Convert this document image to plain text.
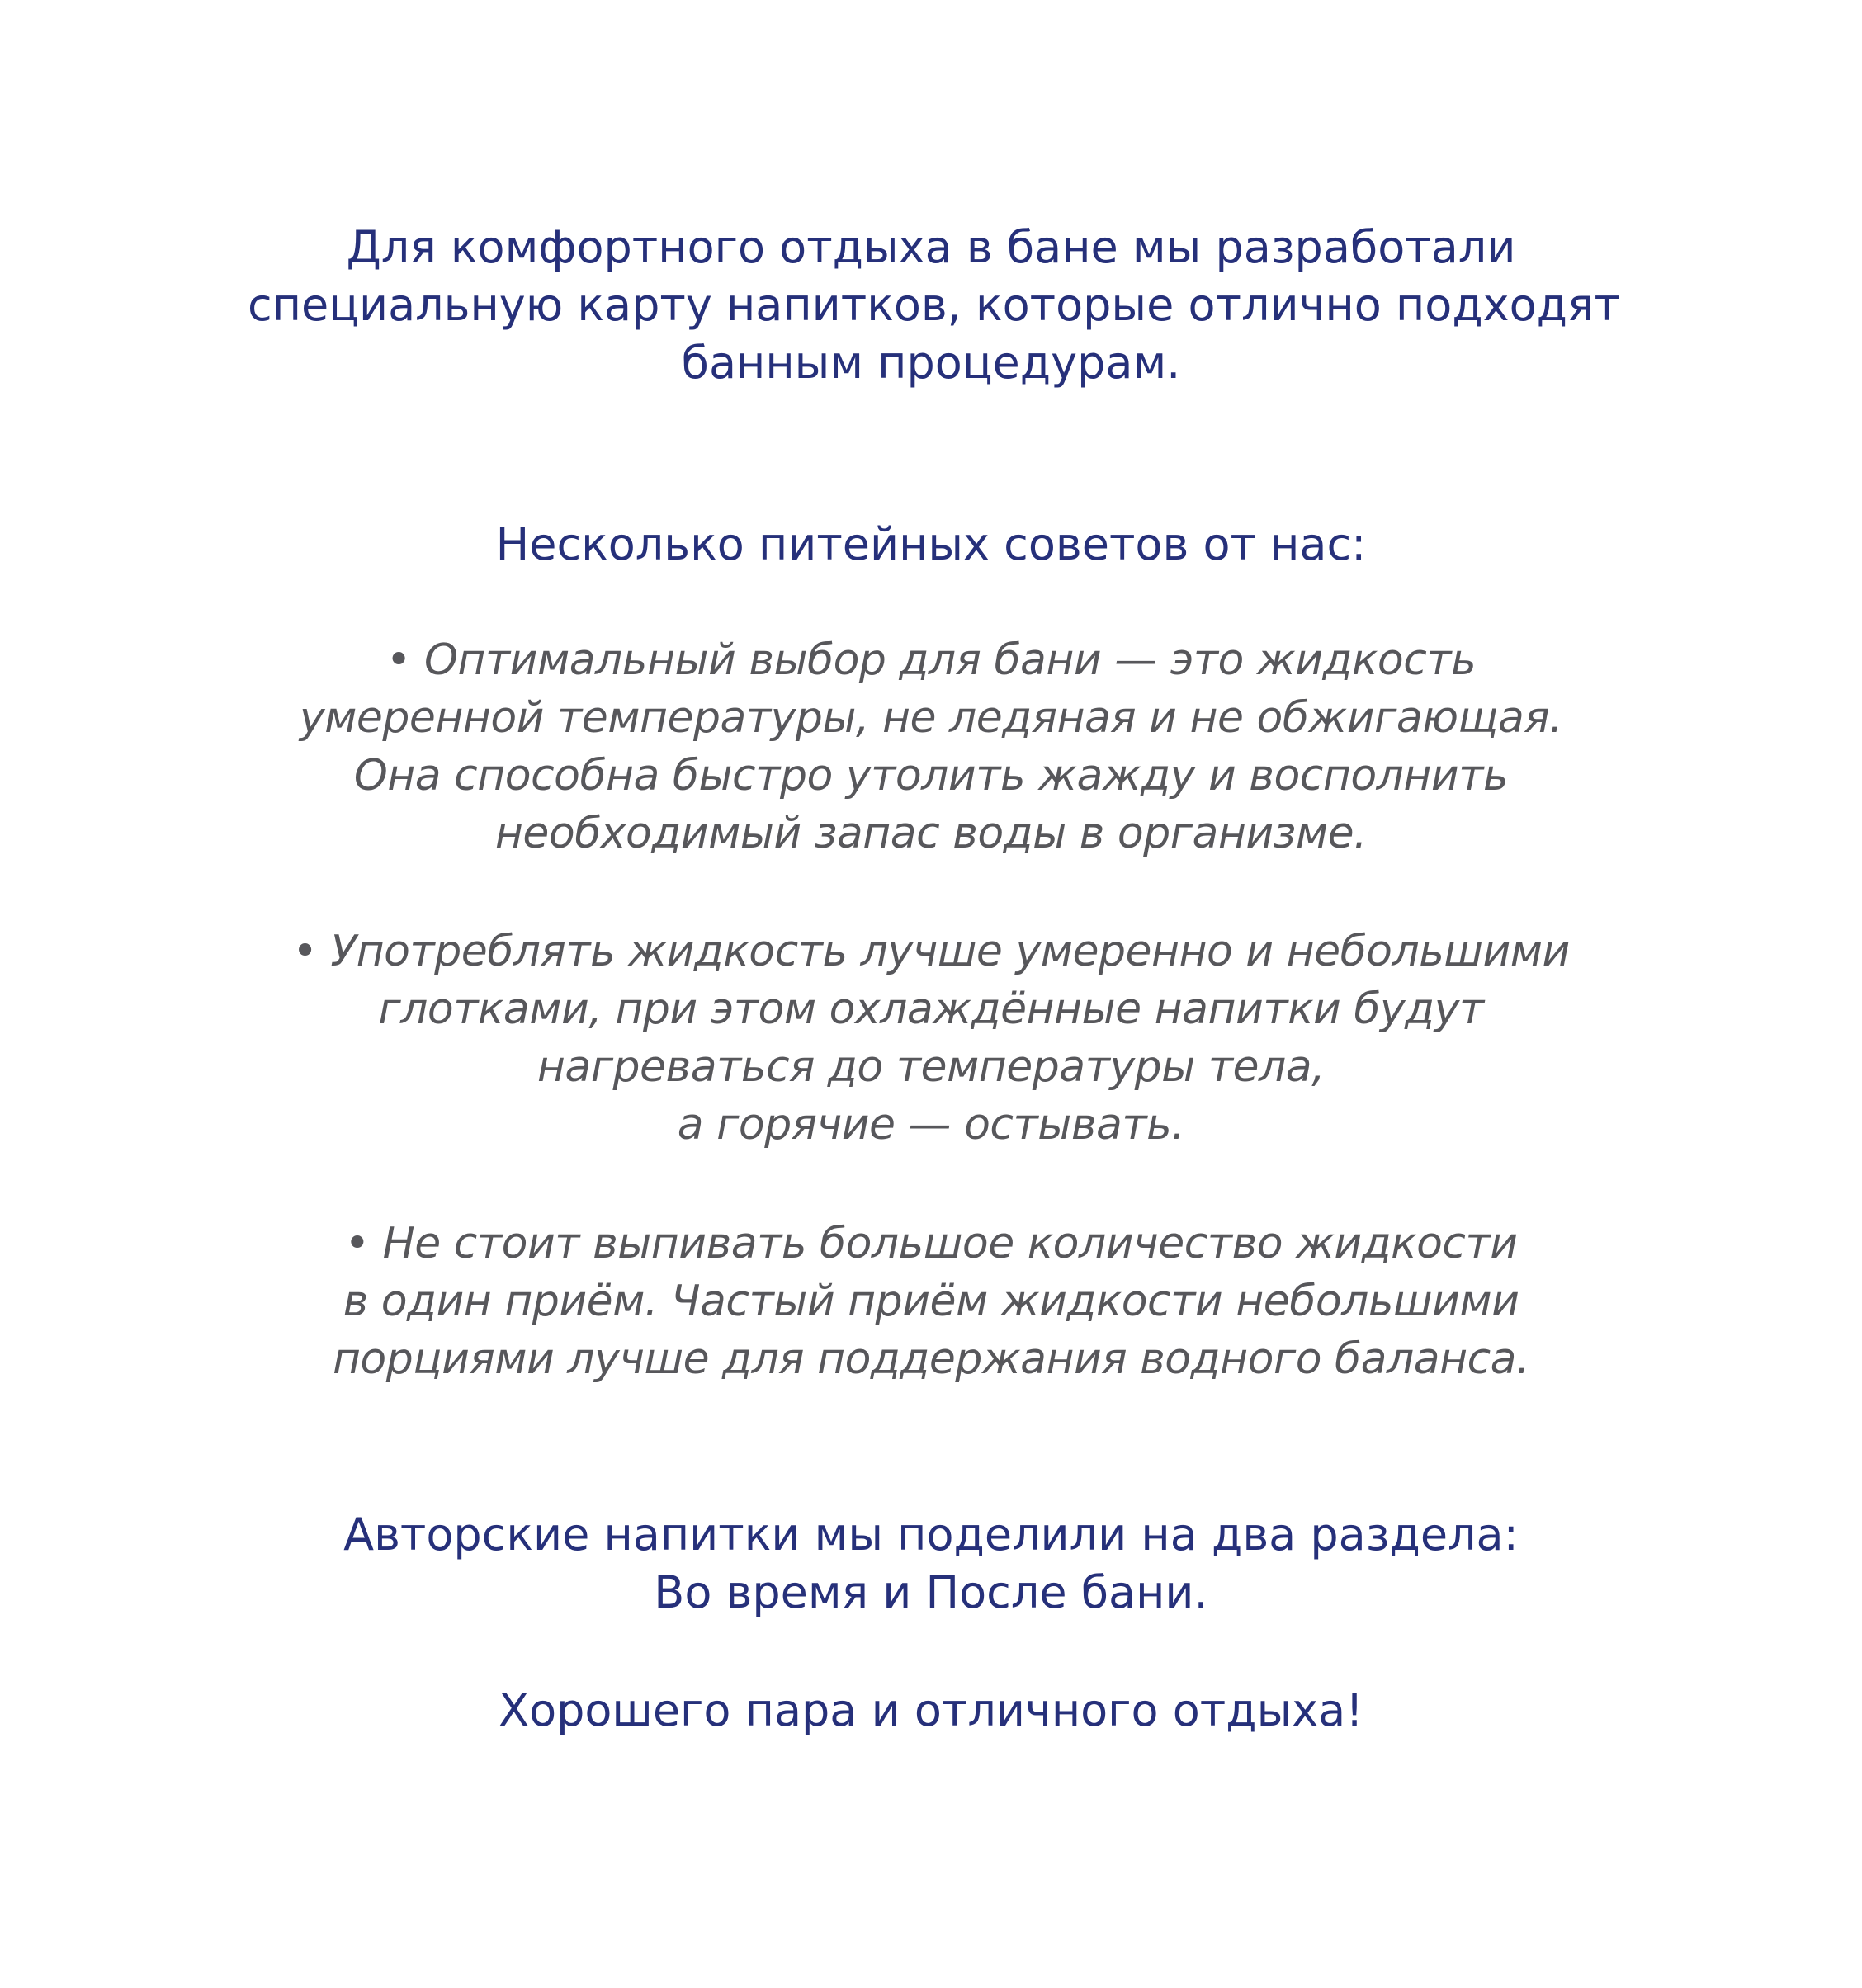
Для комфортного отдыха в бане мы разработали
специальную карту напитков, которые отлично подходят
банным процедурам.
Несколько питейных советов от нас:
• Оптимальный выбор для бани — это жидкость
умеренной температуры, не ледяная и не обжигающая.
Она способна быстро утолить жажду и восполнить
необходимый запас воды в организме.
• Употреблять жидкость лучше умеренно и небольшими
глотками, при этом охлаждённые напитки будут
нагреваться до температуры тела,
а горячие — остывать.
• Не стоит выпивать большое количество жидкости
в один приём. Частый приём жидкости небольшими
порциями лучше для поддержания водного баланса.
Авторские напитки мы поделили на два раздела:
Во время и После бани.
Хорошего пара и отличного отдыха!
